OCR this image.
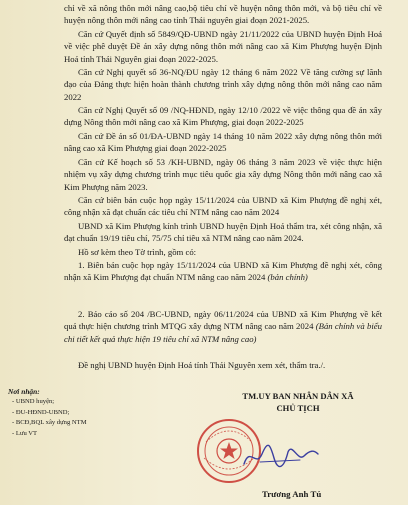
chỉ về xã nông thôn mới nâng cao,bộ tiêu chí về huyện nông thôn mới, và bộ tiêu chí về huyện nông thôn mới nâng cao tỉnh Thái nguyên giai đoạn 2021-2025.

Căn cứ Quyết định số 5849/QĐ-UBND ngày 21/11/2022 của UBND huyện Định Hoá về việc phê duyệt Đề án xây dựng nông thôn mới nâng cao xã Kim Phượng huyện Định Hoá tỉnh Thái Nguyên giai đoạn 2022-2025.

Căn cứ Nghị quyết số 36-NQ/ĐU ngày 12 tháng 6 năm 2022 Về tăng cường sự lãnh đạo của Đảng thực hiện hoàn thành chương trình xây dựng nông thôn mới nâng cao năm 2022

Căn cứ Nghị Quyết số 09 /NQ-HĐND, ngày 12/10 /2022 về việc thông qua đề án xây dựng Nông thôn mới nâng cao xã Kim Phượng, giai đoạn 2022-2025

Căn cứ Đề án số 01/ĐA-UBND ngày 14 tháng 10 năm 2022 xây dựng nông thôn mới nâng cao xã Kim Phượng giai đoạn 2022-2025

Căn cứ Kế hoạch số 53 /KH-UBND, ngày 06 tháng 3 năm 2023 về việc thực hiện nhiệm vụ xây dựng chương trình mục tiêu quốc gia xây dựng Nông thôn mới nâng cao xã Kim Phượng năm 2023.

Căn cứ biên bản cuộc họp ngày 15/11/2024 của UBND xã Kim Phượng đề nghị xét, công nhận xã đạt chuẩn các tiêu chí NTM nâng cao năm 2024

UBND xã Kim Phượng kính trình UBND huyện Định Hoá thẩm tra, xét công nhận, xã đạt chuẩn 19/19 tiêu chí, 75/75 chỉ tiêu xã NTM nâng cao năm 2024.

Hồ sơ kèm theo Tờ trình, gồm có:

1. Biên bản cuộc họp ngày 15/11/2024 của UBND xã Kim Phượng đề nghị xét, công nhận xã Kim Phượng đạt chuẩn NTM nâng cao năm 2024 (bản chính)

2. Báo cáo số 204 /BC-UBND, ngày 06/11/2024 của UBND xã Kim Phượng về kết quả thực hiện chương trình MTQG xây dựng NTM nâng cao năm 2024 (Bản chính và biểu chi tiết kết quả thực hiện 19 tiêu chí xã NTM nâng cao)

Đề nghị UBND huyện Định Hoá tỉnh Thái Nguyên xem xét, thẩm tra./.

Nơi nhận:
- UBND huyện;
- ĐU-HĐND-UBND;
- BCĐ,BQL xây dựng NTM
- Lưu VT
TM.UY BAN NHÂN DÂN XÃ
CHỦ TỊCH
Trương Anh Tú
